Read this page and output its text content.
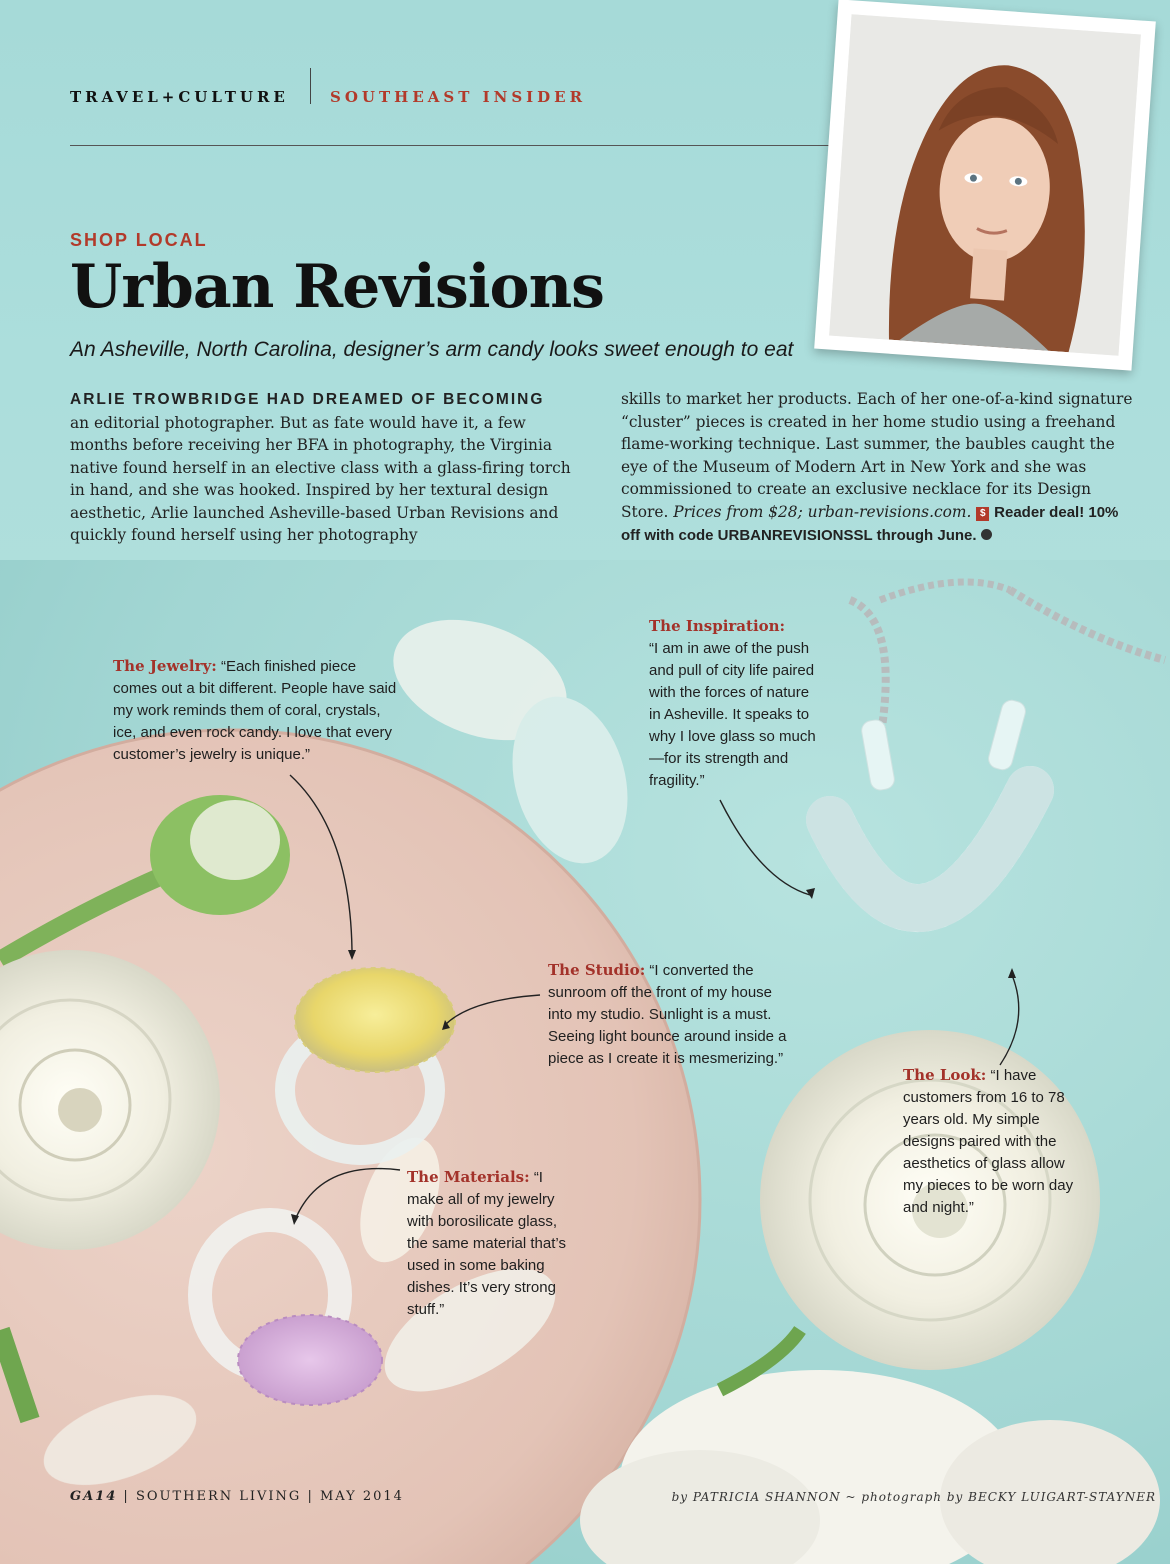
TRAVEL+CULTURE	SOUTHEAST INSIDER
SHOP LOCAL
Urban Revisions
An Asheville, North Carolina, designer’s arm candy looks sweet enough to eat
ARLIE TROWBRIDGE HAD DREAMED OF BECOMING
an editorial photographer. But as fate would have it, a few months before receiving her BFA in photography, the Virginia native found herself in an elective class with a glass-firing torch in hand, and she was hooked. Inspired by her textural design aesthetic, Arlie launched Asheville-based Urban Revisions and quickly found herself using her photography
skills to market her products. Each of her one-of-a-kind signature “cluster” pieces is created in her home studio using a freehand flame-working technique. Last summer, the baubles caught the eye of the Museum of Modern Art in New York and she was commissioned to create an exclusive necklace for its Design Store. Prices from $28; urban-revisions.com. $ Reader deal! 10% off with code URBANREVISIONSSL through June.
The Jewelry: “Each finished piece comes out a bit different. People have said my work reminds them of coral, crystals, ice, and even rock candy. I love that every customer’s jewelry is unique.”
The Inspiration:
“I am in awe of the push and pull of city life paired with the forces of nature in Asheville. It speaks to why I love glass so much—for its strength and fragility.”
The Studio: “I converted the sunroom off the front of my house into my studio. Sunlight is a must. Seeing light bounce around inside a piece as I create it is mesmerizing.”
The Look: “I have customers from 16 to 78 years old. My simple designs paired with the aesthetics of glass allow my pieces to be worn day and night.”
The Materials: “I make all of my jewelry with borosilicate glass, the same material that’s used in some baking dishes. It’s very strong stuff.”
GA14 | SOUTHERN LIVING | MAY 2014	by PATRICIA SHANNON ~ photograph by BECKY LUIGART-STAYNER
